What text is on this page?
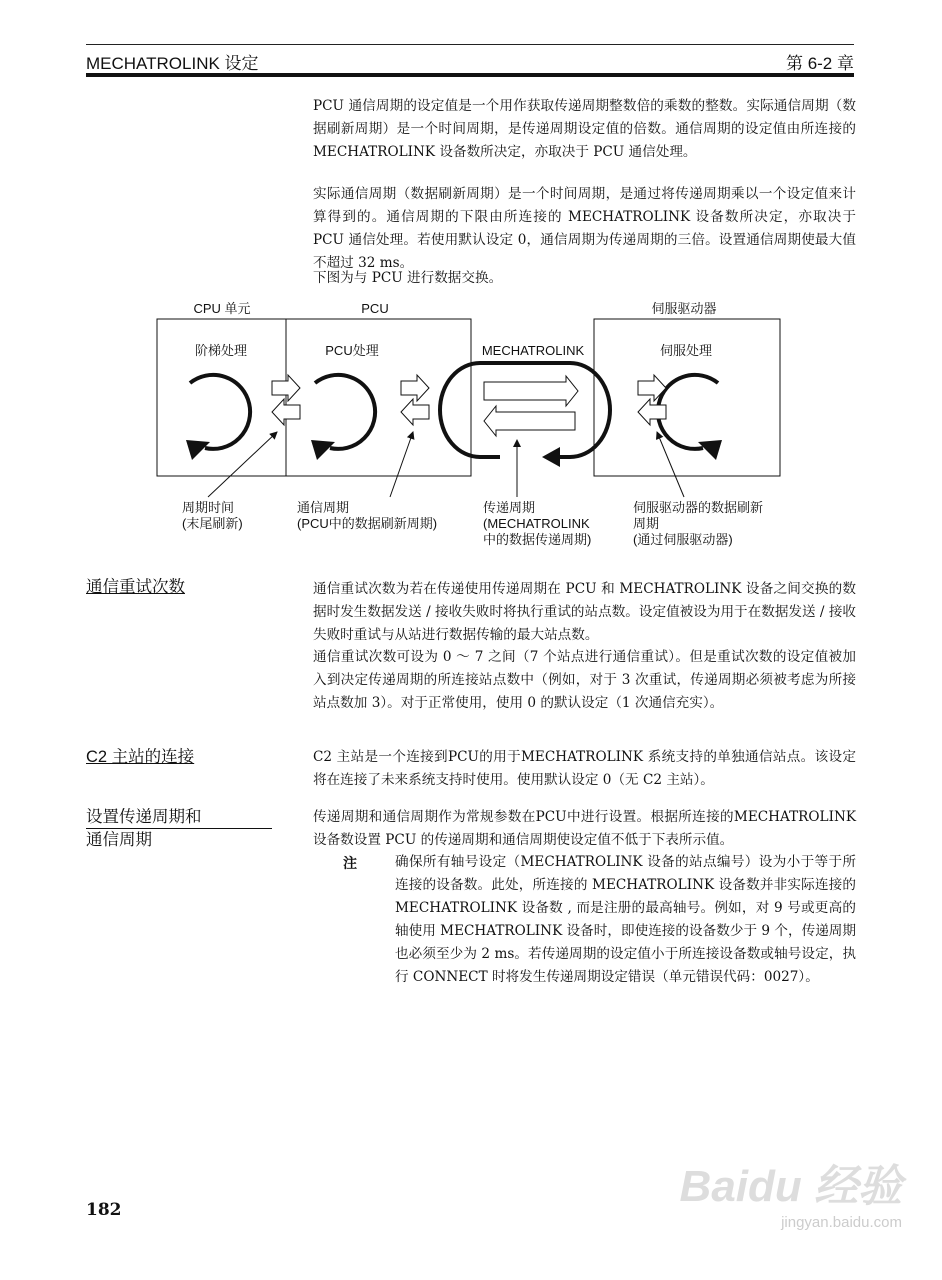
MECHATROLINK 设定	第 6-2 章

PCU 通信周期的设定值是一个用作获取传递周期整数倍的乘数的整数。实际通信周期（数据刷新周期）是一个时间周期，是传递周期设定值的倍数。通信周期的设定值由所连接的 MECHATROLINK 设备数所决定，亦取决于 PCU 通信处理。

实际通信周期（数据刷新周期）是一个时间周期，是通过将传递周期乘以一个设定值来计算得到的。通信周期的下限由所连接的 MECHATROLINK 设备数所决定，亦取决于 PCU 通信处理。若使用默认设定 0，通信周期为传递周期的三倍。设置通信周期使最大值不超过 32 ms。

下图为与 PCU 进行数据交换。

CPU 单元	PCU	伺服驱动器
阶梯处理	PCU处理	MECHATROLINK	伺服处理
周期时间
(末尾刷新)
通信周期
(PCU中的数据刷新周期)
传递周期
(MECHATROLINK
中的数据传递周期)
伺服驱动器的数据刷新
周期
(通过伺服驱动器)
通信重试次数	通信重试次数为若在传递使用传递周期在 PCU 和 MECHATROLINK 设备之间交换的数据时发生数据发送 / 接收失败时将执行重试的站点数。设定值被设为用于在数据发送 / 接收失败时重试与从站进行数据传输的最大站点数。

通信重试次数可设为 0 ～ 7 之间（7 个站点进行通信重试）。但是重试次数的设定值被加入到决定传递周期的所连接站点数中（例如，对于 3 次重试，传递周期必须被考虑为所接站点数加 3）。对于正常使用，使用 0 的默认设定（1 次通信充实）。

C2 主站的连接	C2 主站是一个连接到PCU的用于MECHATROLINK 系统支持的单独通信站点。该设定将在连接了未来系统支持时使用。使用默认设定 0（无 C2 主站）。

设置传递周期和
通信周期

传递周期和通信周期作为常规参数在PCU中进行设置。根据所连接的MECHATROLINK 设备数设置 PCU 的传递周期和通信周期使设定值不低于下表所示值。

注	确保所有轴号设定（MECHATROLINK 设备的站点编号）设为小于等于所连接的设备数。此处，所连接的 MECHATROLINK 设备数并非实际连接的 MECHATROLINK 设备数 , 而是注册的最高轴号。例如，对 9 号或更高的轴使用 MECHATROLINK 设备时，即使连接的设备数少于 9 个，传递周期也必须至少为 2 ms。若传递周期的设定值小于所连接设备数或轴号设定，执行 CONNECT 时将发生传递周期设定错误（单元错误代码：0027）。

182	Baidu 经验
jingyan.baidu.com
